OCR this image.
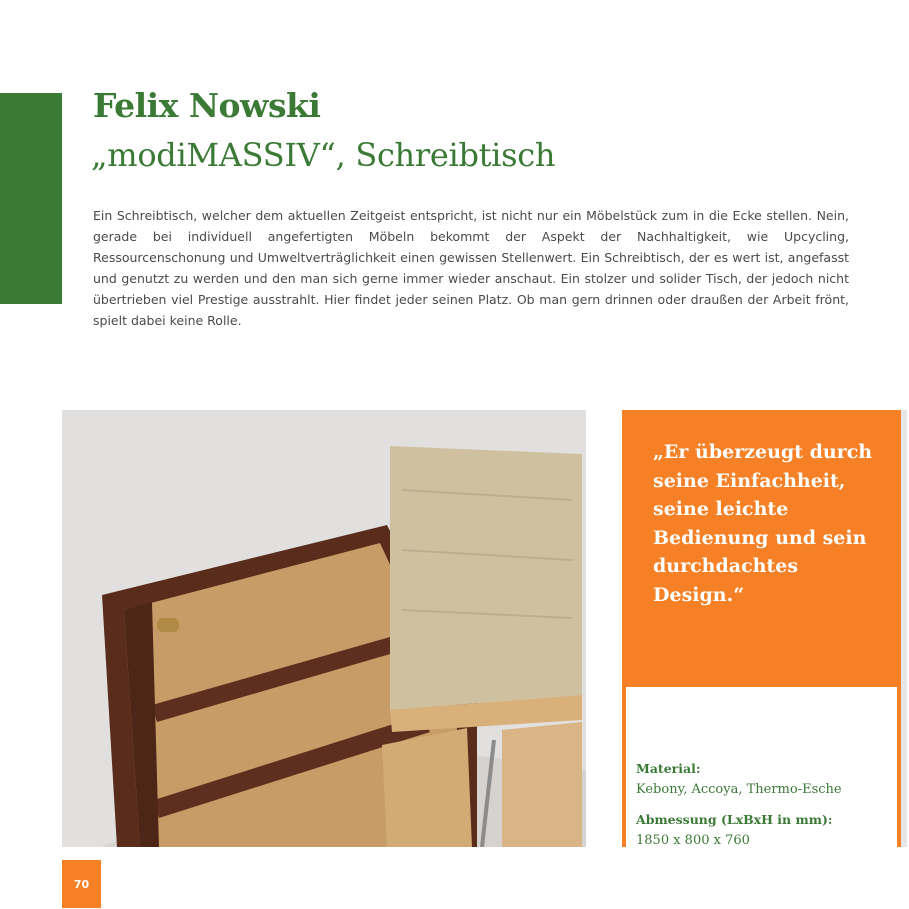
Felix Nowski
„modiMASSIV“, Schreibtisch

Ein Schreibtisch, welcher dem aktuellen Zeitgeist entspricht, ist nicht nur ein Möbelstück zum in die Ecke stellen. Nein, gerade bei individuell angefertigten Möbeln bekommt der Aspekt der Nachhaltigkeit, wie Upcycling, Ressourcenschonung und Umweltverträglichkeit einen gewissen Stellenwert. Ein Schreibtisch, der es wert ist, angefasst und genutzt zu werden und den man sich gerne immer wieder anschaut. Ein stolzer und solider Tisch, der jedoch nicht übertrieben viel Prestige ausstrahlt. Hier findet jeder seinen Platz. Ob man gern drinnen oder draußen der Arbeit frönt, spielt dabei keine Rolle.

„Er überzeugt durch seine Einfachheit, seine leichte Bedienung und sein durchdachtes Design.“

Material:

Kebony, Accoya, Thermo-Esche

Abmessung (LxBxH in mm):

1850 x 800 x 760

70
